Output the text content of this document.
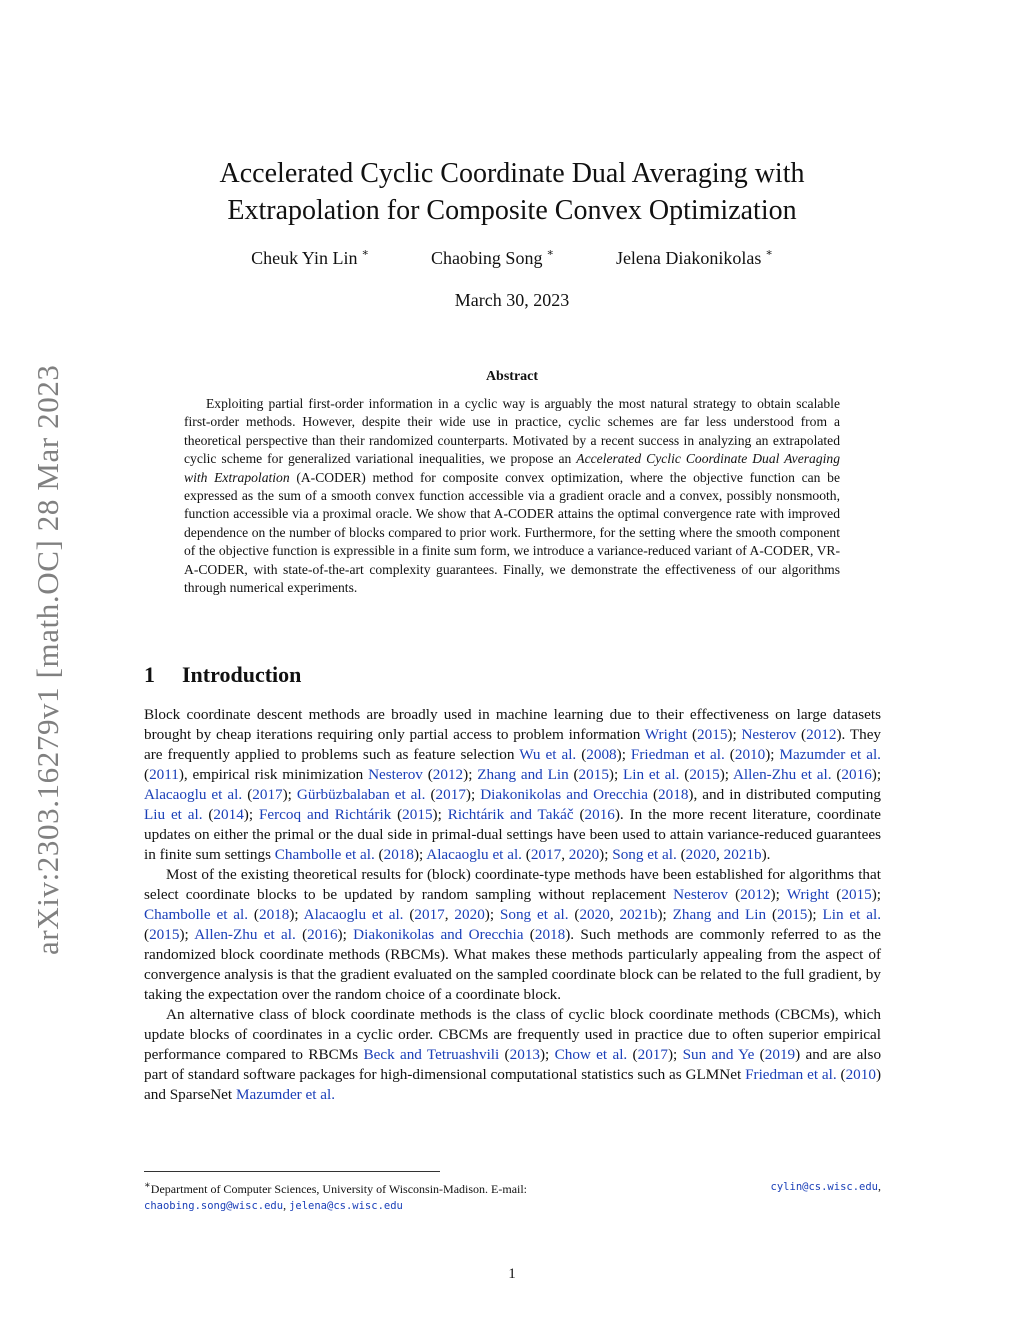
arXiv:2303.16279v1 [math.OC] 28 Mar 2023
Accelerated Cyclic Coordinate Dual Averaging with
Extrapolation for Composite Convex Optimization
Cheuk Yin Lin ∗	Chaobing Song ∗	Jelena Diakonikolas ∗
March 30, 2023
Abstract

Exploiting partial first-order information in a cyclic way is arguably the most natural strategy to obtain scalable first-order methods. However, despite their wide use in practice, cyclic schemes are far less understood from a theoretical perspective than their randomized counterparts. Motivated by a recent success in analyzing an extrapolated cyclic scheme for generalized variational inequalities, we propose an Accelerated Cyclic Coordinate Dual Averaging with Extrapolation (A-CODER) method for composite convex optimization, where the objective function can be expressed as the sum of a smooth convex function accessible via a gradient oracle and a convex, possibly nonsmooth, function accessible via a proximal oracle. We show that A-CODER attains the optimal convergence rate with improved dependence on the number of blocks compared to prior work. Furthermore, for the setting where the smooth component of the objective function is expressible in a finite sum form, we introduce a variance-reduced variant of A-CODER, VR-A-CODER, with state-of-the-art complexity guarantees. Finally, we demonstrate the effectiveness of our algorithms through numerical experiments.

1 Introduction

Block coordinate descent methods are broadly used in machine learning due to their effectiveness on large datasets brought by cheap iterations requiring only partial access to problem information Wright (2015); Nesterov (2012). They are frequently applied to problems such as feature selection Wu et al. (2008); Friedman et al. (2010); Mazumder et al. (2011), empirical risk minimization Nesterov (2012); Zhang and Lin (2015); Lin et al. (2015); Allen-Zhu et al. (2016); Alacaoglu et al. (2017); Gürbüzbalaban et al. (2017); Diakonikolas and Orecchia (2018), and in distributed computing Liu et al. (2014); Fercoq and Richtárik (2015); Richtárik and Takáč (2016). In the more recent literature, coordinate updates on either the primal or the dual side in primal-dual settings have been used to attain variance-reduced guarantees in finite sum settings Chambolle et al. (2018); Alacaoglu et al. (2017, 2020); Song et al. (2020, 2021b).

Most of the existing theoretical results for (block) coordinate-type methods have been established for algorithms that select coordinate blocks to be updated by random sampling without replacement Nesterov (2012); Wright (2015); Chambolle et al. (2018); Alacaoglu et al. (2017, 2020); Song et al. (2020, 2021b); Zhang and Lin (2015); Lin et al. (2015); Allen-Zhu et al. (2016); Diakonikolas and Orecchia (2018). Such methods are commonly referred to as the randomized block coordinate methods (RBCMs). What makes these methods particularly appealing from the aspect of convergence analysis is that the gradient evaluated on the sampled coordinate block can be related to the full gradient, by taking the expectation over the random choice of a coordinate block.

An alternative class of block coordinate methods is the class of cyclic block coordinate methods (CBCMs), which update blocks of coordinates in a cyclic order. CBCMs are frequently used in practice due to often superior empirical performance compared to RBCMs Beck and Tetruashvili (2013); Chow et al. (2017); Sun and Ye (2019) and are also part of standard software packages for high-dimensional computational statistics such as GLMNet Friedman et al. (2010) and SparseNet Mazumder et al.

∗Department of Computer Sciences, University of Wisconsin-Madison. E-mail:	cylin@cs.wisc.edu,
chaobing.song@wisc.edu, jelena@cs.wisc.edu
1
